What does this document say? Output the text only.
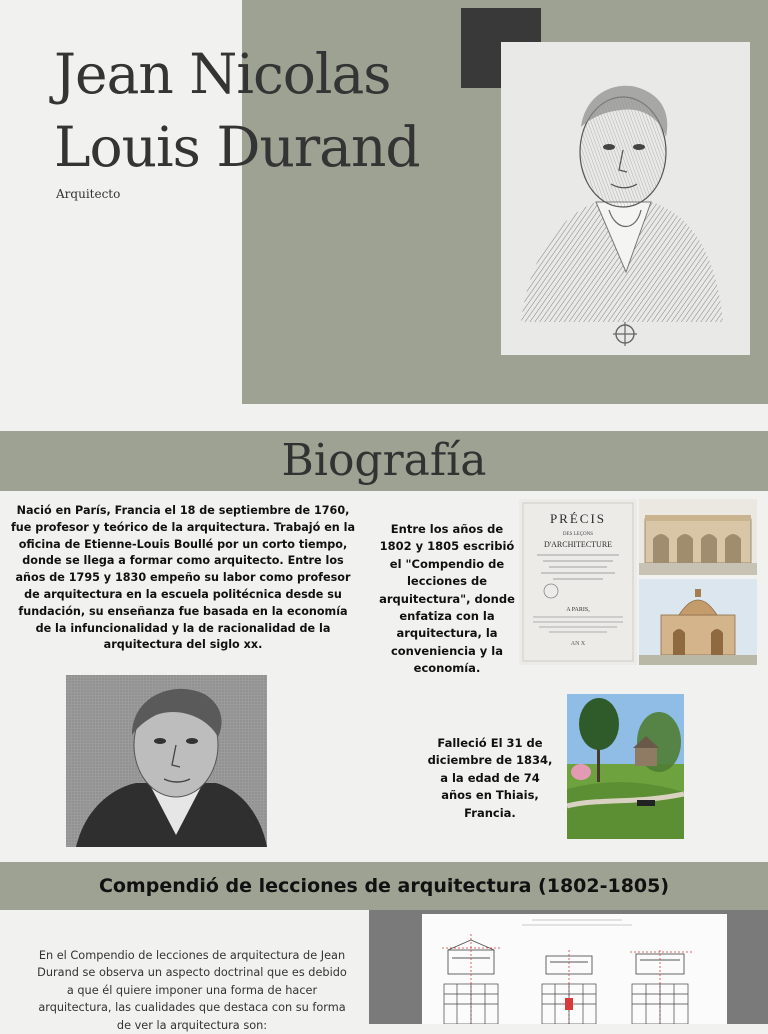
Jean Nicolas
Louis Durand
Arquitecto
Biografía
Nació en París, Francia el 18 de septiembre de 1760, fue profesor y teórico de la arquitectura. Trabajó en la oficina de Etienne-Louis Boullé por un corto tiempo, donde se llega a formar como arquitecto. Entre los años de 1795 y 1830 empeño su labor como profesor de arquitectura en la escuela politécnica desde su fundación, su enseñanza fue basada en la economía de la infuncionalidad y la de racionalidad de la arquitectura del siglo xx.
Entre los años de 1802 y 1805 escribió el "Compendio de lecciones de arquitectura", donde enfatiza con la arquitectura, la conveniencia y la economía.
Falleció El 31 de diciembre de 1834, a la edad de 74 años en Thiais, Francia.
PRÉCIS
DES LEÇONS
D'ARCHITECTURE
A PARIS,
AN X
Compendió de lecciones de arquitectura (1802-1805)
En el Compendio de lecciones de arquitectura de Jean Durand se observa un aspecto doctrinal que es debido a que él quiere imponer una forma de hacer arquitectura, las cualidades que destaca con su forma de ver la arquitectura son:
